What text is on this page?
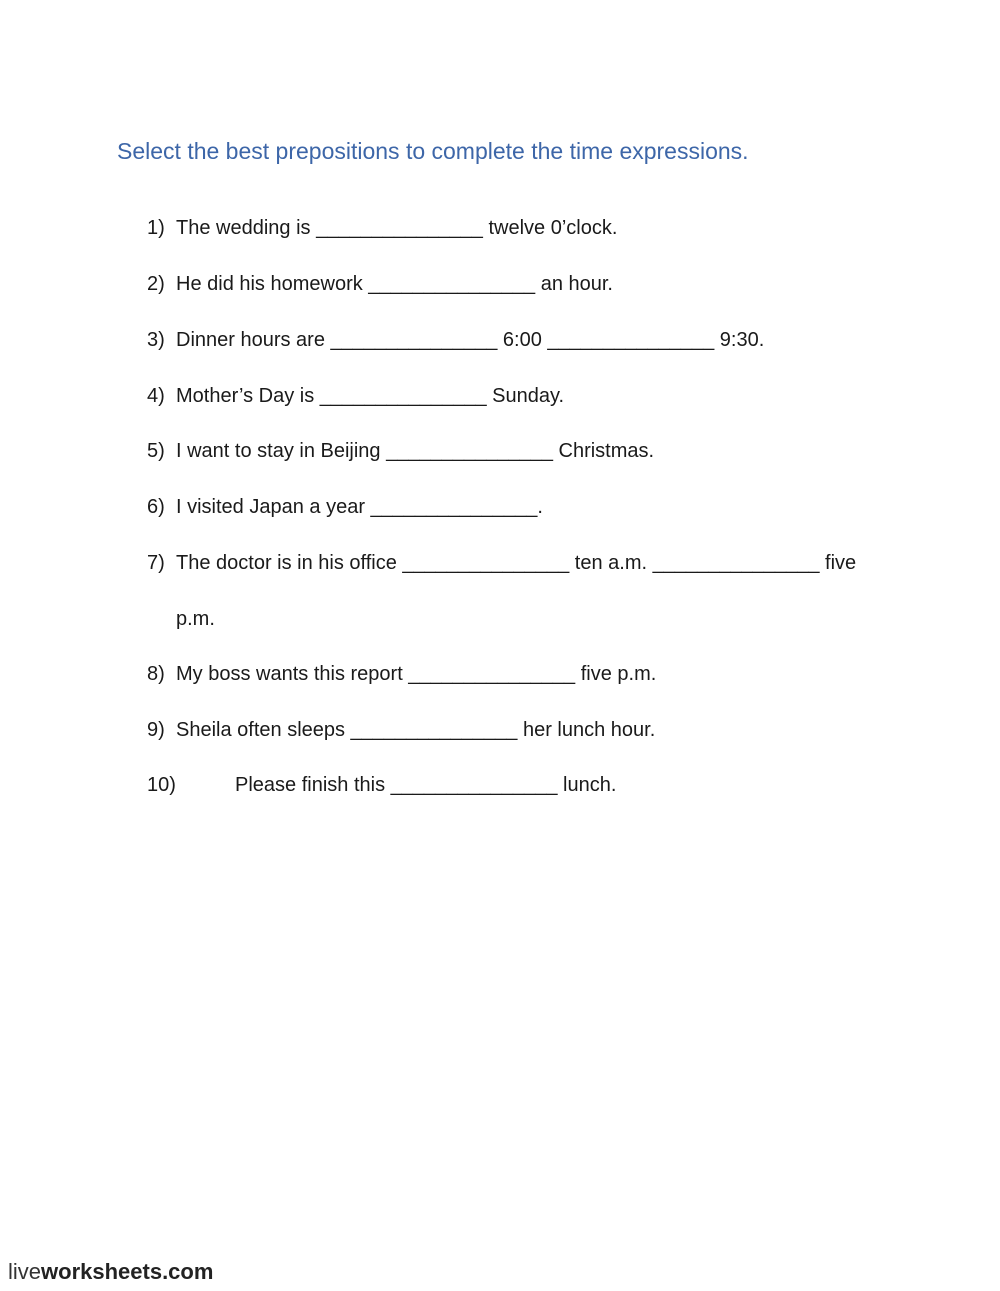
Select the best prepositions to complete the time expressions.
1) The wedding is _______________ twelve 0’clock.
2) He did his homework _______________ an hour.
3) Dinner hours are _______________ 6:00 _______________ 9:30.
4) Mother’s Day is _______________ Sunday.
5) I want to stay in Beijing _______________ Christmas.
6) I visited Japan a year _______________.
7) The doctor is in his office _______________ ten a.m. _______________ five
p.m.
8) My boss wants this report _______________ five p.m.
9) Sheila often sleeps _______________ her lunch hour.
10)	Please finish this _______________ lunch.
liveworksheets.com
